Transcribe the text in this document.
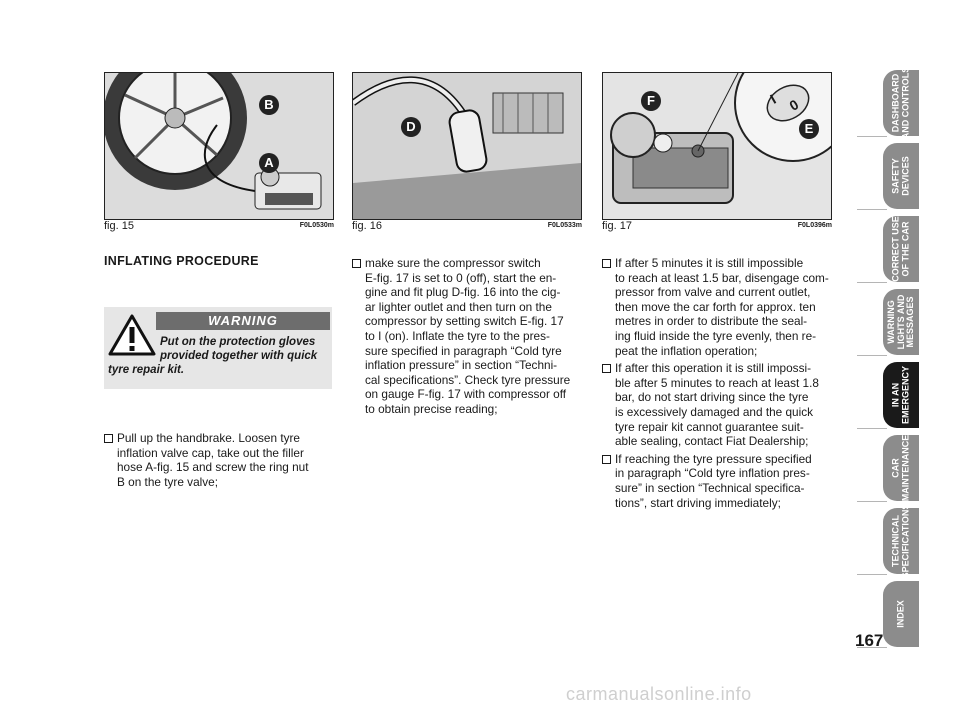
B
A
fig. 15	F0L0530m
D
fig. 16	F0L0533m
I 0
F
E
fig. 17	F0L0396m
INFLATING PROCEDURE
WARNING
Put on the protection gloves
provided together with quick
tyre repair kit.
Pull up the handbrake. Loosen tyre
inflation valve cap, take out the filler
hose A-fig. 15 and screw the ring nut
B on the tyre valve;
make sure the compressor switch
E-fig. 17 is set to 0 (off), start the en-
gine and fit plug D-fig. 16 into the cig-
ar lighter outlet and then turn on the
compressor by setting switch E-fig. 17
to I (on). Inflate the tyre to the pres-
sure specified in paragraph “Cold tyre
inflation pressure” in section “Techni-
cal specifications”. Check tyre pressure
on gauge F-fig. 17 with compressor off
to obtain precise reading;
If after 5 minutes it is still impossible
to reach at least 1.5 bar, disengage com-
pressor from valve and current outlet,
then move the car forth for approx. ten
metres in order to distribute the seal-
ing fluid inside the tyre evenly, then re-
peat the inflation operation;
If after this operation it is still impossi-
ble after 5 minutes to reach at least 1.8
bar, do not start driving since the tyre
is excessively damaged and the quick
tyre repair kit cannot guarantee suit-
able sealing, contact Fiat Dealership;
If reaching the tyre pressure specified
in paragraph “Cold tyre inflation pres-
sure” in section “Technical specifica-
tions”, start driving immediately;
DASHBOARD
AND CONTROLS
SAFETY
DEVICES
CORRECT USE
OF THE CAR
WARNING
LIGHTS AND
MESSAGES
IN AN
EMERGENCY
CAR
MAINTENANCE
TECHNICAL
SPECIFICATIONS
INDEX
167
carmanualsonline.info
